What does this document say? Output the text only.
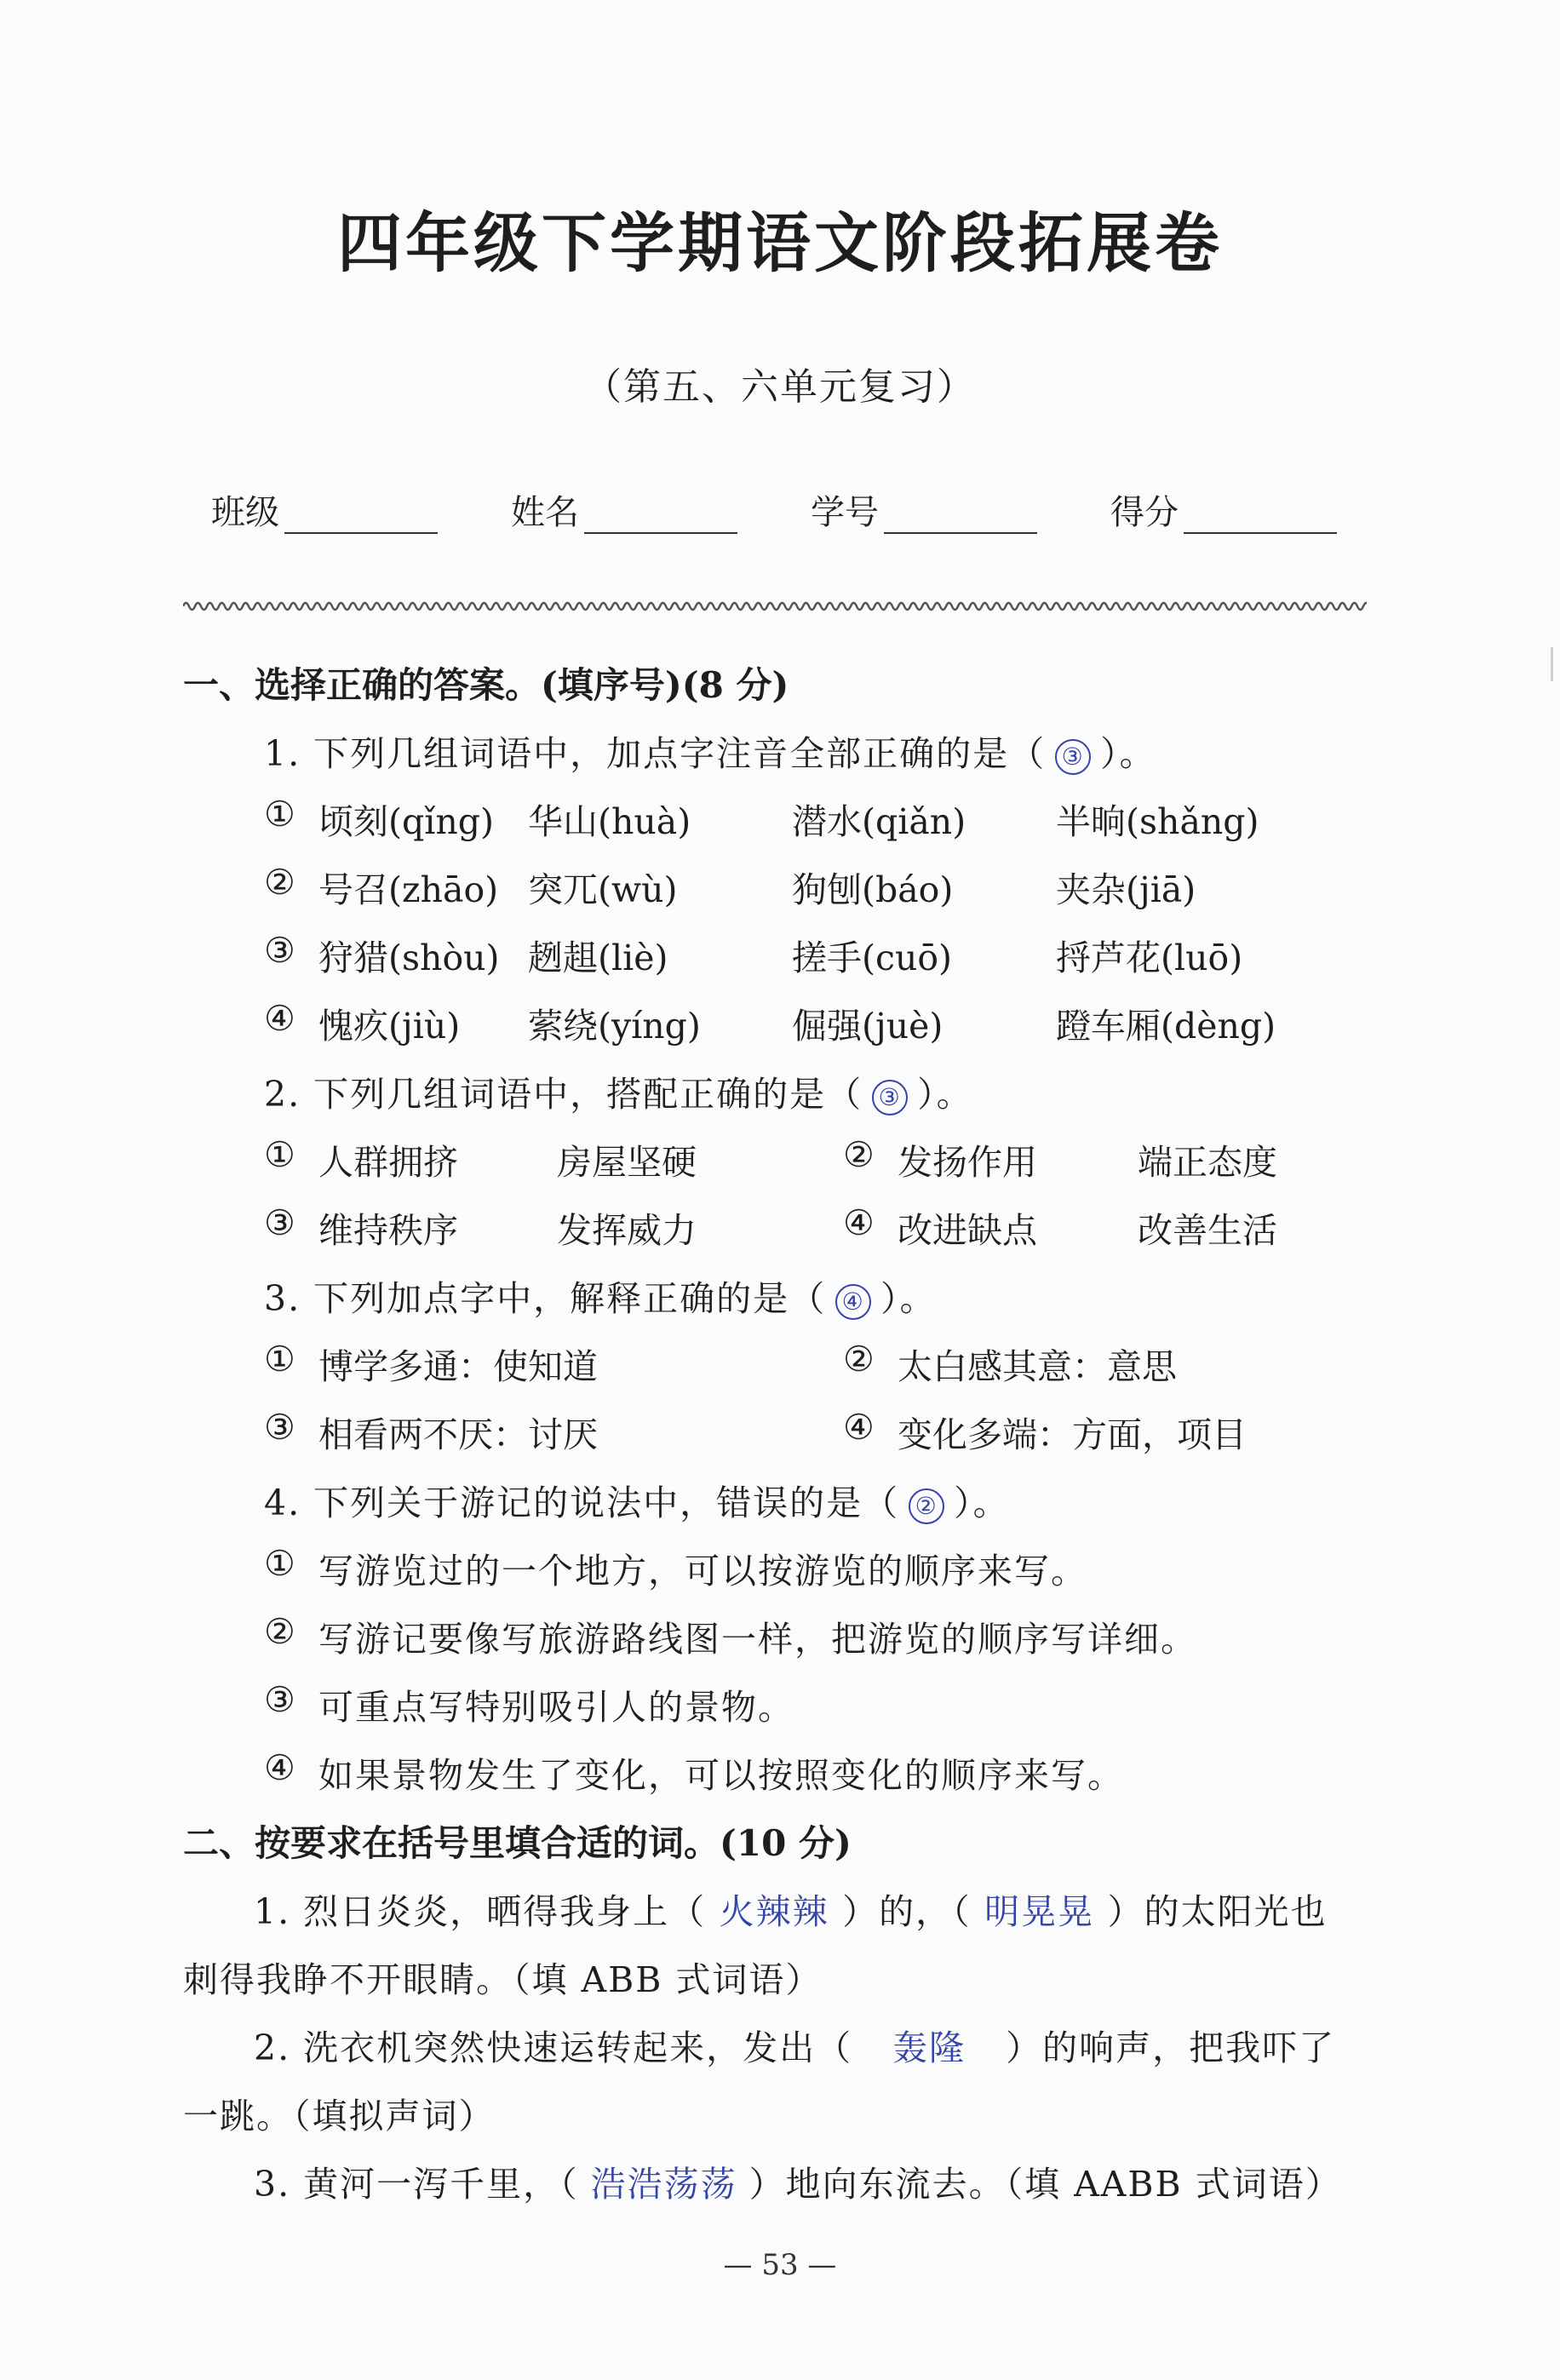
四年级下学期语文阶段拓展卷
（第五、六单元复习）
班级	姓名	学号	得分
一、选择正确的答案。(填序号)(8 分)
1. 下列几组词语中，加点字注音全部正确的是（ ③ ）。
2. 下列几组词语中，搭配正确的是（ ③ ）。
3. 下列加点字中，解释正确的是（ ④ ）。
4. 下列关于游记的说法中，错误的是（ ② ）。
二、按要求在括号里填合适的词。(10 分)
1. 烈日炎炎，晒得我身上（ 火辣辣 ）的，（ 明晃晃 ）的太阳光也
刺得我睁不开眼睛。（填 ABB 式词语）
2. 洗衣机突然快速运转起来，发出（ 轰隆 ）的响声，把我吓了
一跳。（填拟声词）
3. 黄河一泻千里，（ 浩浩荡荡 ）地向东流去。（填 AABB 式词语）
— 53 —
① 顷刻(qǐng) 华山(huà)	潜水(qiǎn)	半晌(shǎng)
② 号召(zhāo) 突兀(wù)	狗刨(báo)	夹杂(jiā)
③ 狩猎(shòu) 趔趄(liè)	搓手(cuō)	捋芦花(luō)
④ 愧疚(jiù) 萦绕(yíng)	倔强(juè)	蹬车厢(dèng)
① 人群拥挤	房屋坚硬	② 发扬作用	端正态度
③ 维持秩序	发挥威力	④ 改进缺点	改善生活
① 博学多通：使知道	② 太白感其意：意思
③ 相看两不厌：讨厌	④ 变化多端：方面，项目
① 写游览过的一个地方，可以按游览的顺序来写。
② 写游记要像写旅游路线图一样，把游览的顺序写详细。
③ 可重点写特别吸引人的景物。
④ 如果景物发生了变化，可以按照变化的顺序来写。
